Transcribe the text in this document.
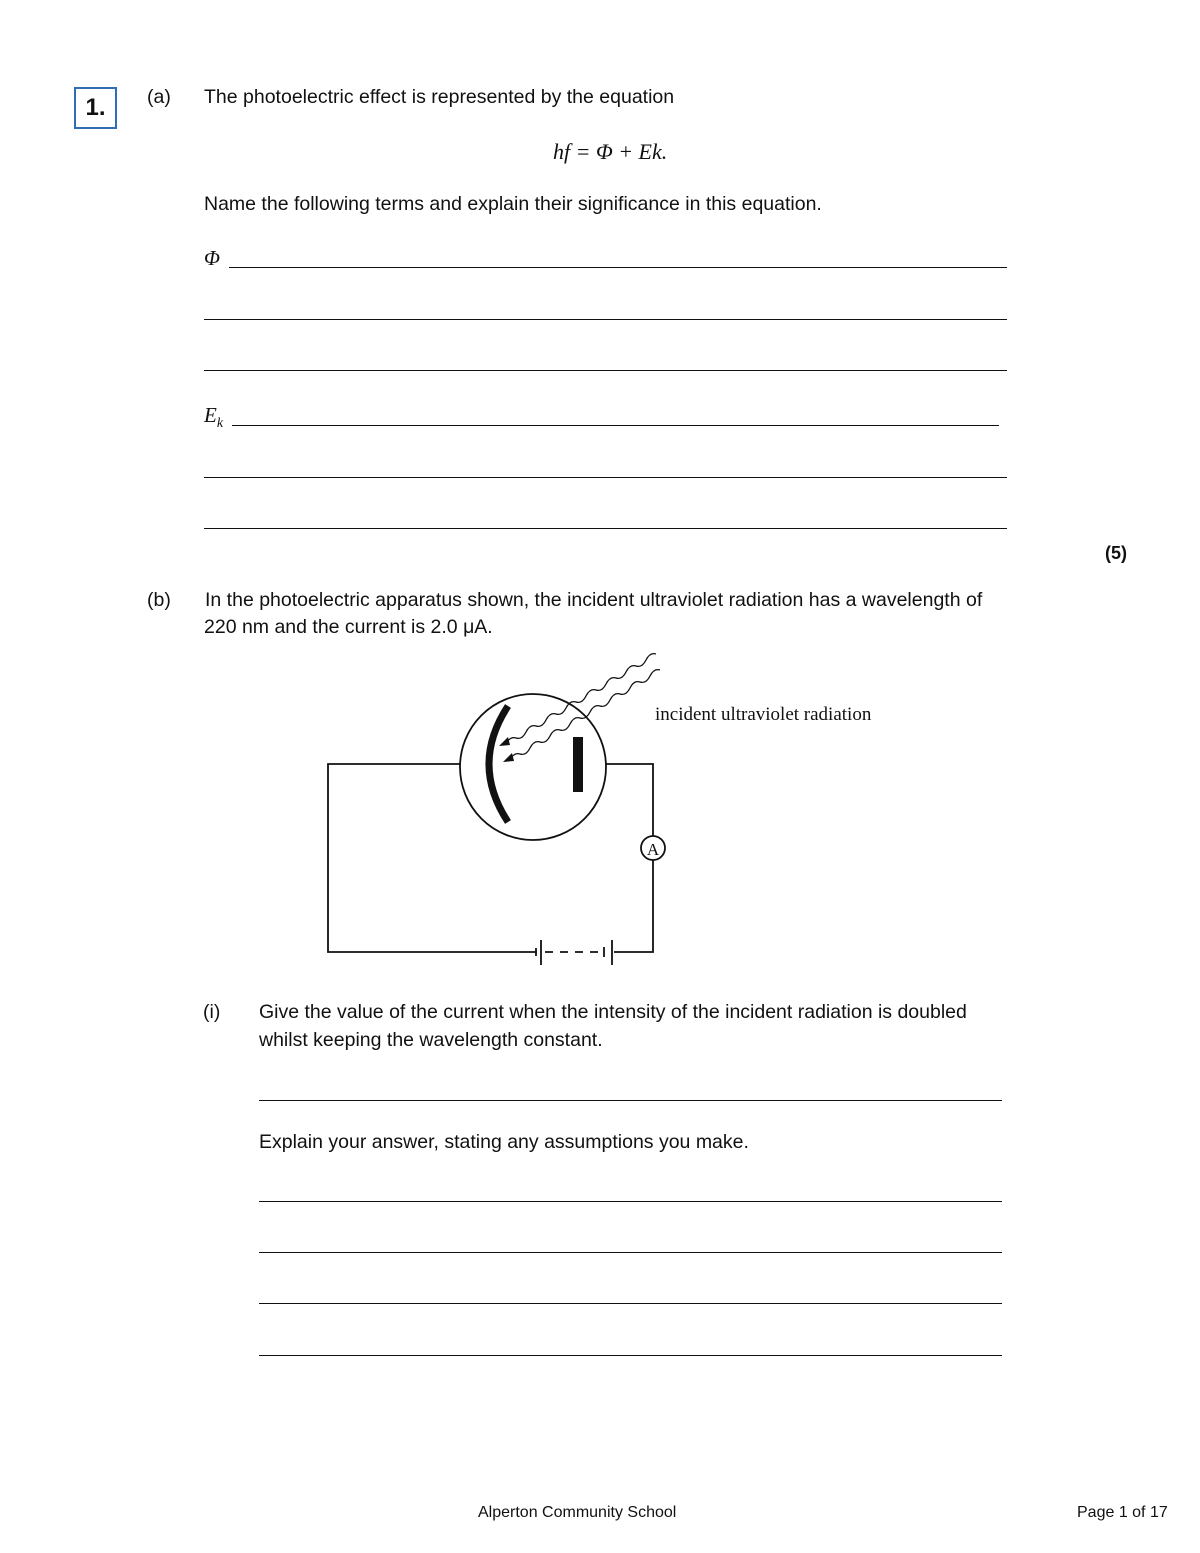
1.	(a) The photoelectric effect is represented by the equation
hf = Φ + Ek.
Name the following terms and explain their significance in this equation.
Φ
$E_k$
(5)
(b) In the photoelectric apparatus shown, the incident ultraviolet radiation has a wavelength of
220 nm and the current is 2.0 μA.
incident ultraviolet radiation
A
(i) Give the value of the current when the intensity of the incident radiation is doubled
whilst keeping the wavelength constant.
Explain your answer, stating any assumptions you make.
Alperton Community School	Page 1 of 17
